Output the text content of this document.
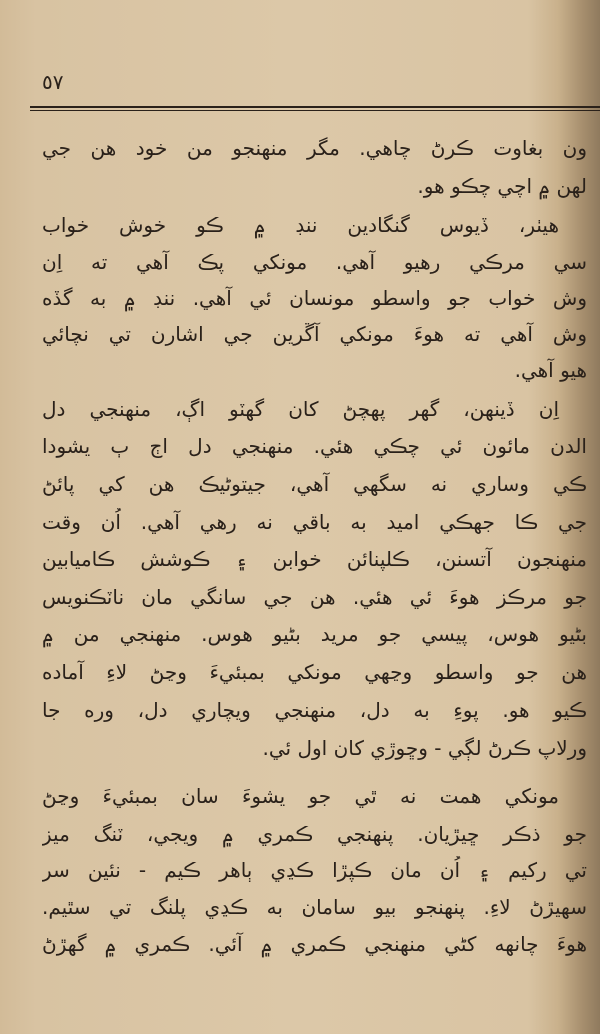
٥٧
ون بغاوت ڪرڻ چاهي. مگر منهنجو من خود هن جي
لهن ۾ اچي چڪو هو.
هيٺر، ڏيوس گنگادين ننڊ ۾ ڪو خوش خواب
سي مرڪي رهيو آهي. مونکي پڪ آهي ته اِن
وش خواب جو واسطو مونسان ئي آهي. ننڊ ۾ به گڏه
وش آهي ته هوءَ مونکي آڱرين جي اشارن تي نچائي
هيو آهي.
اِن ڏينهن، گهر پهچڻ کان گهٽو اڳ، منهنجي دل
الدن مائون ئي چڪي هئي. منهنجي دل اڄ ٻ يشودا
ڪي وساري نه سگهي آهي، جيتوڻيڪ هن کي پائڻ
جي ڪا جهڪي اميد به باقي نه رهي آهي. اُن وقت
منهنجون آتسنن، ڪلپنائن خوابن ۽ ڪوشش ڪاميابين
جو مرڪز هوءَ ئي هئي. هن جي سانگي مان ناٽڪنويس
بڻيو هوس، پيسي جو مريد بڻيو هوس. منهنجي من ۾
هن جو واسطو وڃهي مونکي بمبئيءَ وڃڻ لاءِ آماده
ڪيو هو. پوءِ به دل، منهنجي ويچاري دل، وره جا
ورلاپ ڪرڻ لڳي - وڇوڙي کان اول ئي.
مونکي همت نه ٿي جو يشوءَ سان بمبئيءَ وڃڻ
جو ذڪر ڇيڙيان. پنهنجي ڪمري ۾ ويجي، ٽنگ ميز
تي رکيم ۽ اُن مان ڪپڙا ڪڍي ٻاهر ڪيم - نئين سر
سهيڙڻ لاءِ. پنهنجو بيو سامان به ڪڍي پلنگ تي سٿيم.
هوءَ چانهه کڻي منهنجي ڪمري ۾ آئي. ڪمري ۾ گهڙڻ
